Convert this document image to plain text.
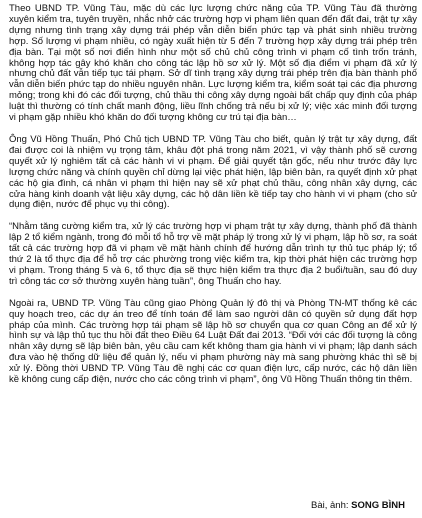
Theo UBND TP. Vũng Tàu, mặc dù các lực lượng chức năng của TP. Vũng Tàu đã thường xuyên kiểm tra, tuyên truyền, nhắc nhở các trường hợp vi phạm liên quan đến đất đai, trật tự xây dựng nhưng tình trạng xây dựng trái phép vẫn diễn biến phức tạp và phát sinh nhiều trường hợp. Số lượng vi phạm nhiều, có ngày xuất hiện từ 5 đến 7 trường hợp xây dựng trái phép trên địa bàn. Tại một số nơi điển hình như một số chủ chủ công trình vi phạm cố tình trốn tránh, không hợp tác gây khó khăn cho công tác lập hồ sơ xử lý. Một số địa điểm vi phạm đã xử lý nhưng chủ đất vẫn tiếp tục tái phạm. Sở dĩ tình trạng xây dựng trái phép trên địa bàn thành phố vẫn diễn biến phức tạp do nhiều nguyên nhân. Lực lượng kiểm tra, kiểm soát tại các địa phương mỏng; trong khi đó các đối tượng, chủ thầu thi công xây dựng ngoài bất chấp quy định của pháp luật thì thường có tính chất manh động, liều lĩnh chống trả nếu bị xử lý; việc xác minh đối tượng vi phạm gặp nhiều khó khăn do đối tượng không cư trú tại địa bàn…

Ông Vũ Hồng Thuấn, Phó Chủ tịch UBND TP. Vũng Tàu cho biết, quản lý trật tự xây dựng, đất đai được coi là nhiệm vụ trọng tâm, khâu đột phá trong năm 2021, vì vậy thành phố sẽ cương quyết xử lý nghiêm tất cả các hành vi vi phạm. Để giải quyết tận gốc, nếu như trước đây lực lượng chức năng và chính quyền chỉ dừng lại việc phát hiện, lập biên bản, ra quyết định xử phạt các hộ gia đình, cá nhân vi phạm thì hiện nay sẽ xử phạt chủ thầu, công nhân xây dựng, các cửa hàng kinh doanh vật liệu xây dựng, các hộ dân liền kề tiếp tay cho hành vi vi phạm (cho sử dụng điện, nước để phục vụ thi công).

“Nhằm tăng cường kiểm tra, xử lý các trường hợp vi phạm trật tự xây dựng, thành phố đã thành lập 2 tổ kiểm ngành, trong đó mỗi tổ hỗ trợ về mặt pháp lý trong xử lý vi phạm, lập hồ sơ, ra soát tất cả các trường hợp đã vi phạm về mặt hành chính để hướng dẫn trình tự thủ tục pháp lý; tổ thứ 2 là tổ thực địa để hỗ trợ các phường trong việc kiểm tra, kịp thời phát hiện các trường hợp vi phạm. Trong tháng 5 và 6, tổ thực địa sẽ thực hiện kiểm tra thực địa 2 buổi/tuần, sau đó duy trì công tác cơ sở thường xuyên hàng tuần”, ông Thuấn cho hay.

Ngoài ra, UBND TP. Vũng Tàu cũng giao Phòng Quản lý đô thị và Phòng TN-MT thống kê các quy hoạch treo, các dự án treo để tính toán để làm sao người dân có quyền sử dụng đất hợp pháp của mình. Các trường hợp tái phạm sẽ lập hồ sơ chuyển qua cơ quan Công an để xử lý hình sự và lập thủ tục thu hồi đất theo Điều 64 Luật Đất đai 2013. “Đối với các đối tượng là công nhân xây dựng sẽ lập biên bản, yêu cầu cam kết không tham gia hành vi vi phạm; lập danh sách đưa vào hệ thống dữ liệu để quản lý, nếu vi phạm phường này mà sang phường khác thì sẽ bị xử lý. Đồng thời UBND TP. Vũng Tàu đề nghị các cơ quan điện lực, cấp nước, các hộ dân liền kề không cung cấp điện, nước cho các công trình vi phạm”, ông Vũ Hồng Thuấn thông tin thêm.

Bài, ảnh: SONG BÌNH
